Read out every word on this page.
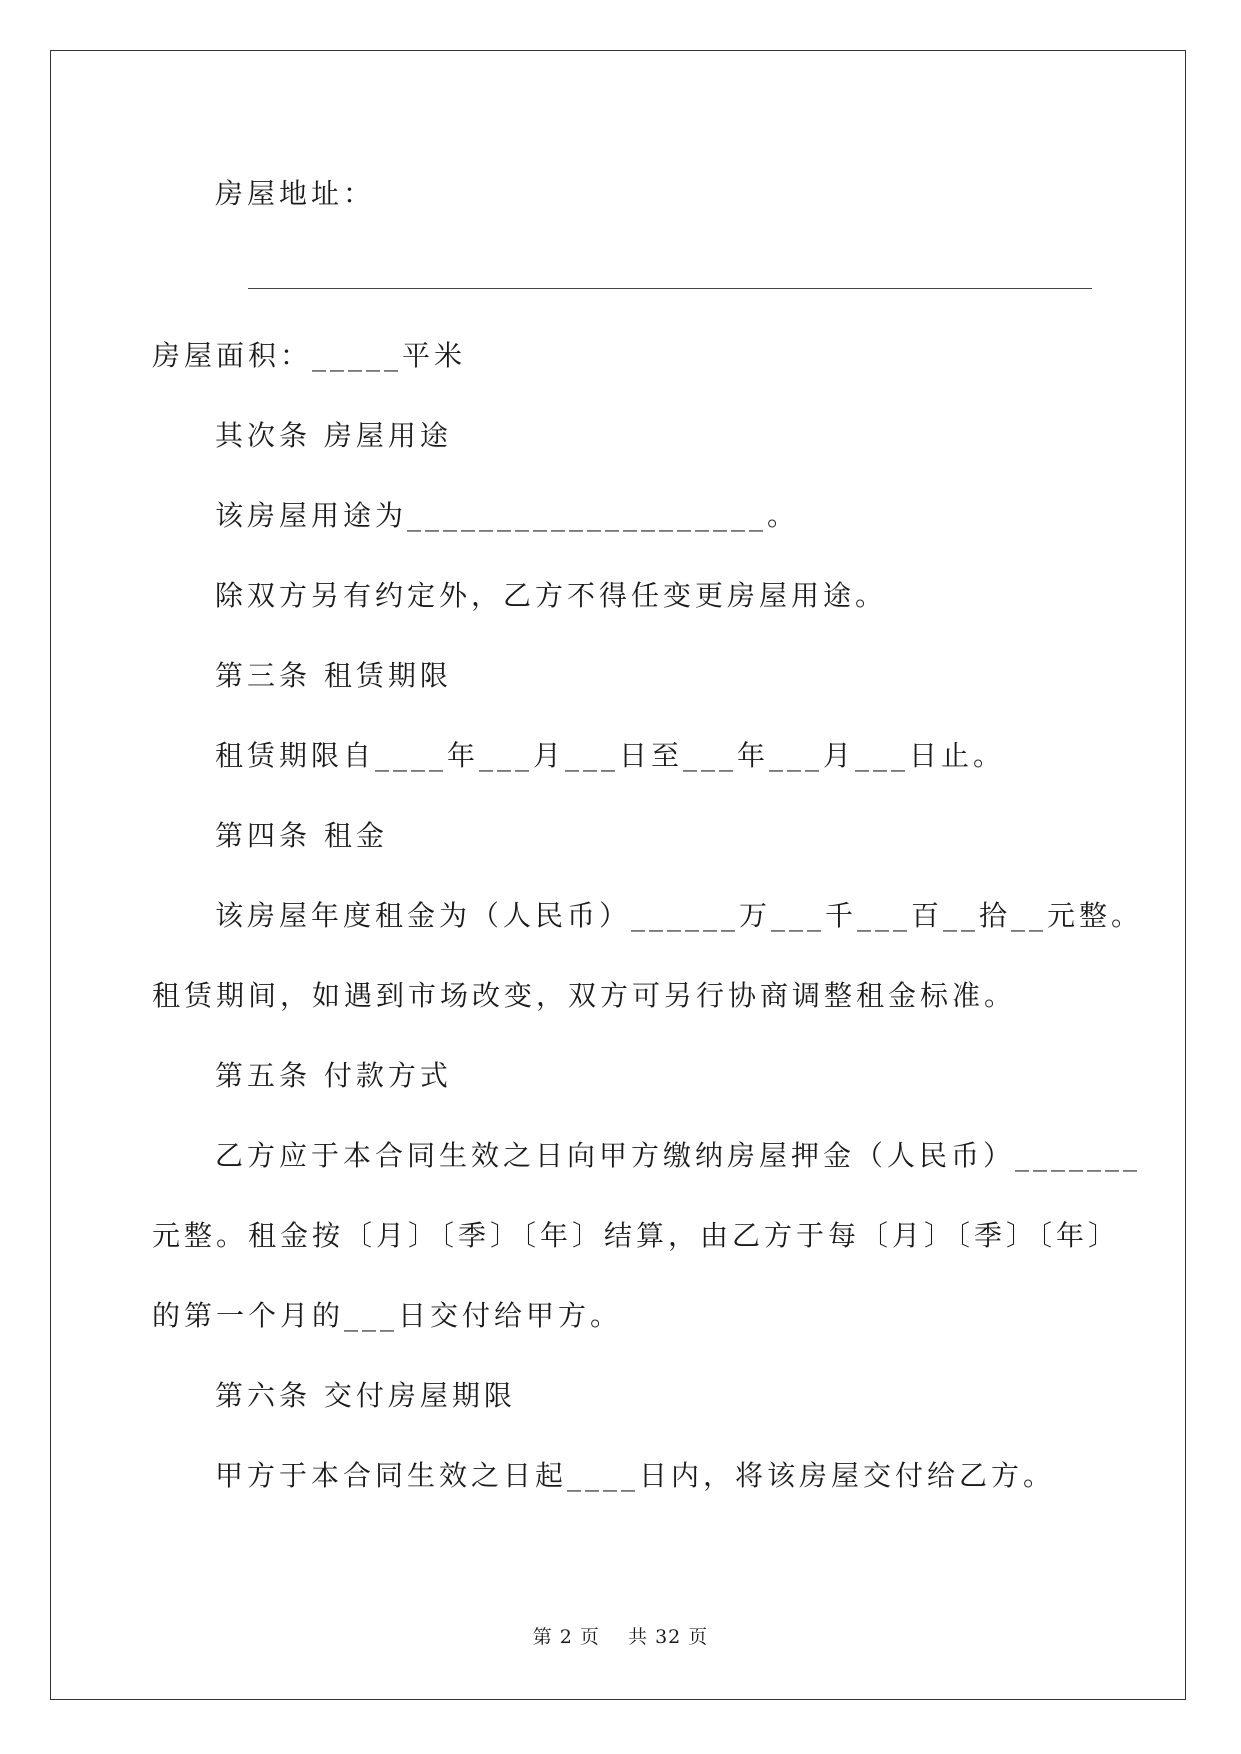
房屋地址：
房屋面积：_____平米
其次条 房屋用途
该房屋用途为____________________。
除双方另有约定外，乙方不得任变更房屋用途。
第三条 租赁期限
租赁期限自____年___月___日至___年___月___日止。
第四条 租金
该房屋年度租金为（人民币）______万___千___百__拾__元整。
租赁期间，如遇到市场改变，双方可另行协商调整租金标准。
第五条 付款方式
乙方应于本合同生效之日向甲方缴纳房屋押金（人民币）_______
元整。租金按〔月〕〔季〕〔年〕结算，由乙方于每〔月〕〔季〕〔年〕
的第一个月的___日交付给甲方。
第六条 交付房屋期限
甲方于本合同生效之日起____日内，将该房屋交付给乙方。
第 2 页    共 32 页
